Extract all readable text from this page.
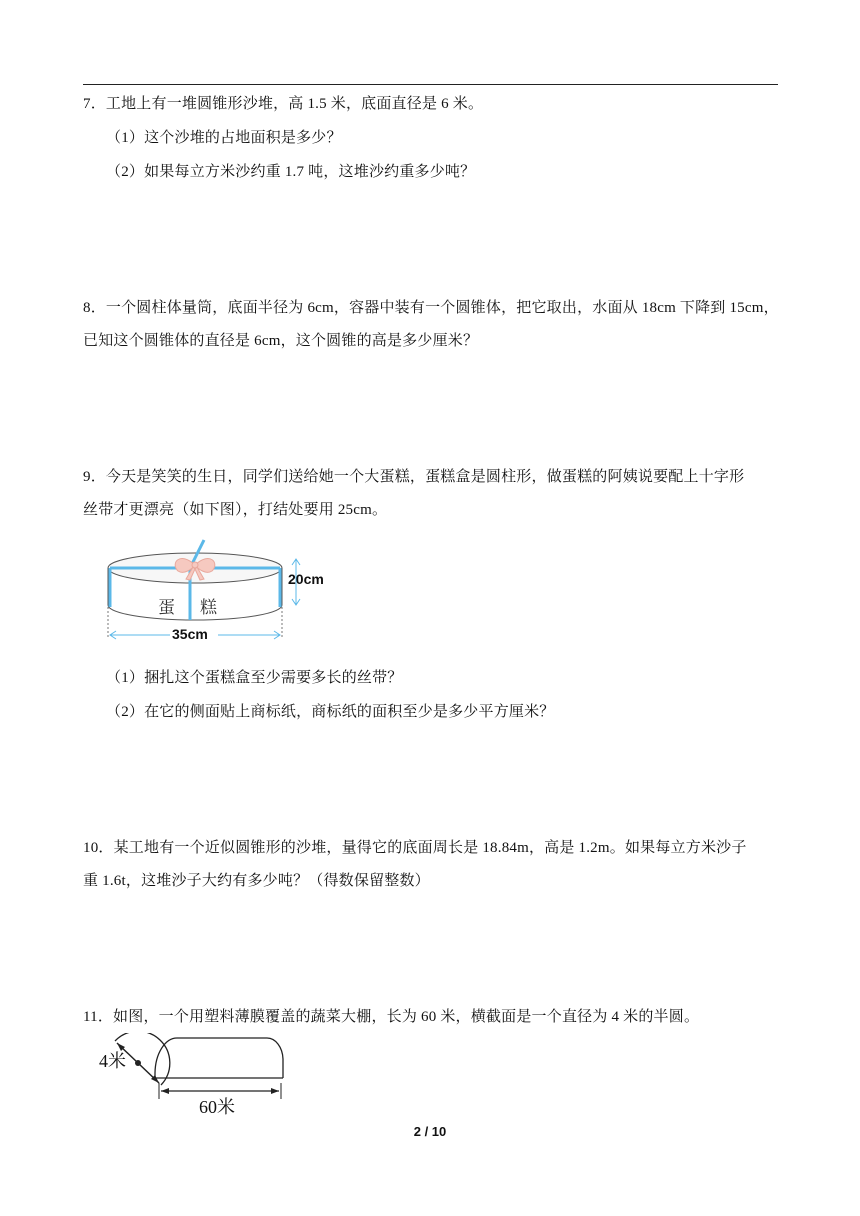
7．工地上有一堆圆锥形沙堆，高 1.5 米，底面直径是 6 米。
（1）这个沙堆的占地面积是多少？
（2）如果每立方米沙约重 1.7 吨，这堆沙约重多少吨？
8．一个圆柱体量筒，底面半径为 6cm，容器中装有一个圆锥体，把它取出，水面从 18cm 下降到 15cm，
已知这个圆锥体的直径是 6cm，这个圆锥的高是多少厘米？
9．今天是笑笑的生日，同学们送给她一个大蛋糕，蛋糕盒是圆柱形，做蛋糕的阿姨说要配上十字形
丝带才更漂亮（如下图），打结处要用 25cm。
蛋　糕
20cm
35cm
（1）捆扎这个蛋糕盒至少需要多长的丝带？
（2）在它的侧面贴上商标纸，商标纸的面积至少是多少平方厘米？
10．某工地有一个近似圆锥形的沙堆，量得它的底面周长是 18.84m，高是 1.2m。如果每立方米沙子
重 1.6t，这堆沙子大约有多少吨？（得数保留整数）
11．如图，一个用塑料薄膜覆盖的蔬菜大棚，长为 60 米，横截面是一个直径为 4 米的半圆。
4米
60米
2 / 10
